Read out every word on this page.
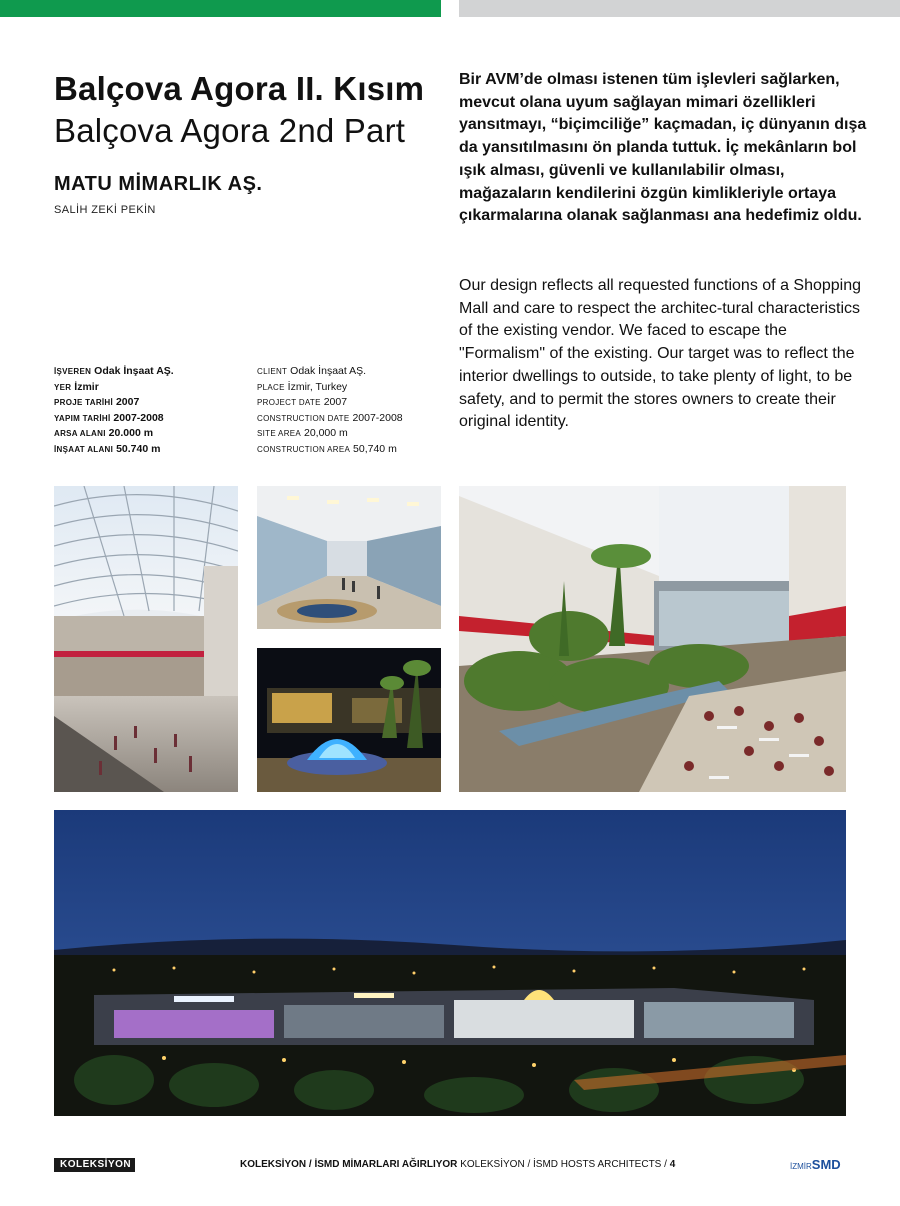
Balçova Agora II. Kısım
Balçova Agora 2nd Part
MATU MİMARLIK AŞ.
SALİH ZEKİ PEKİN
İŞVEREN Odak İnşaat AŞ.
YER İzmir
PROJE TARİHİ 2007
YAPIM TARİHİ 2007-2008
ARSA ALANI 20.000 m
İNŞAAT ALANI 50.740 m
CLIENT Odak İnşaat AŞ.
PLACE İzmir, Turkey
PROJECT DATE 2007
CONSTRUCTION DATE 2007-2008
SITE AREA 20,000 m
CONSTRUCTION AREA 50,740 m

Bir AVM’de olması istenen tüm işlevleri sağlarken, mevcut olana uyum sağlayan mimari özellikleri yansıtmayı, “biçimciliğe” kaçmadan, iç dünyanın dışa da yansıtılmasını ön planda tuttuk. İç mekânların bol ışık alması, güvenli ve kullanılabilir olması, mağazaların kendilerini özgün kimlikleriyle ortaya çıkarmalarına olanak sağlanması ana hedefimiz oldu.

Our design reflects all requested functions of a Shopping Mall and care to respect the architec-tural characteristics of the existing vendor. We faced to escape the "Formalism" of the existing. Our target was to reflect the interior dwellings to outside, to take plenty of light, to be safety, and to permit the stores owners to create their original identity.

KOLEKSİYON	KOLEKSİYON / İSMD MİMARLARI AĞIRLIYOR KOLEKSİYON / İSMD HOSTS ARCHITECTS / 4	İZMİRSMD
